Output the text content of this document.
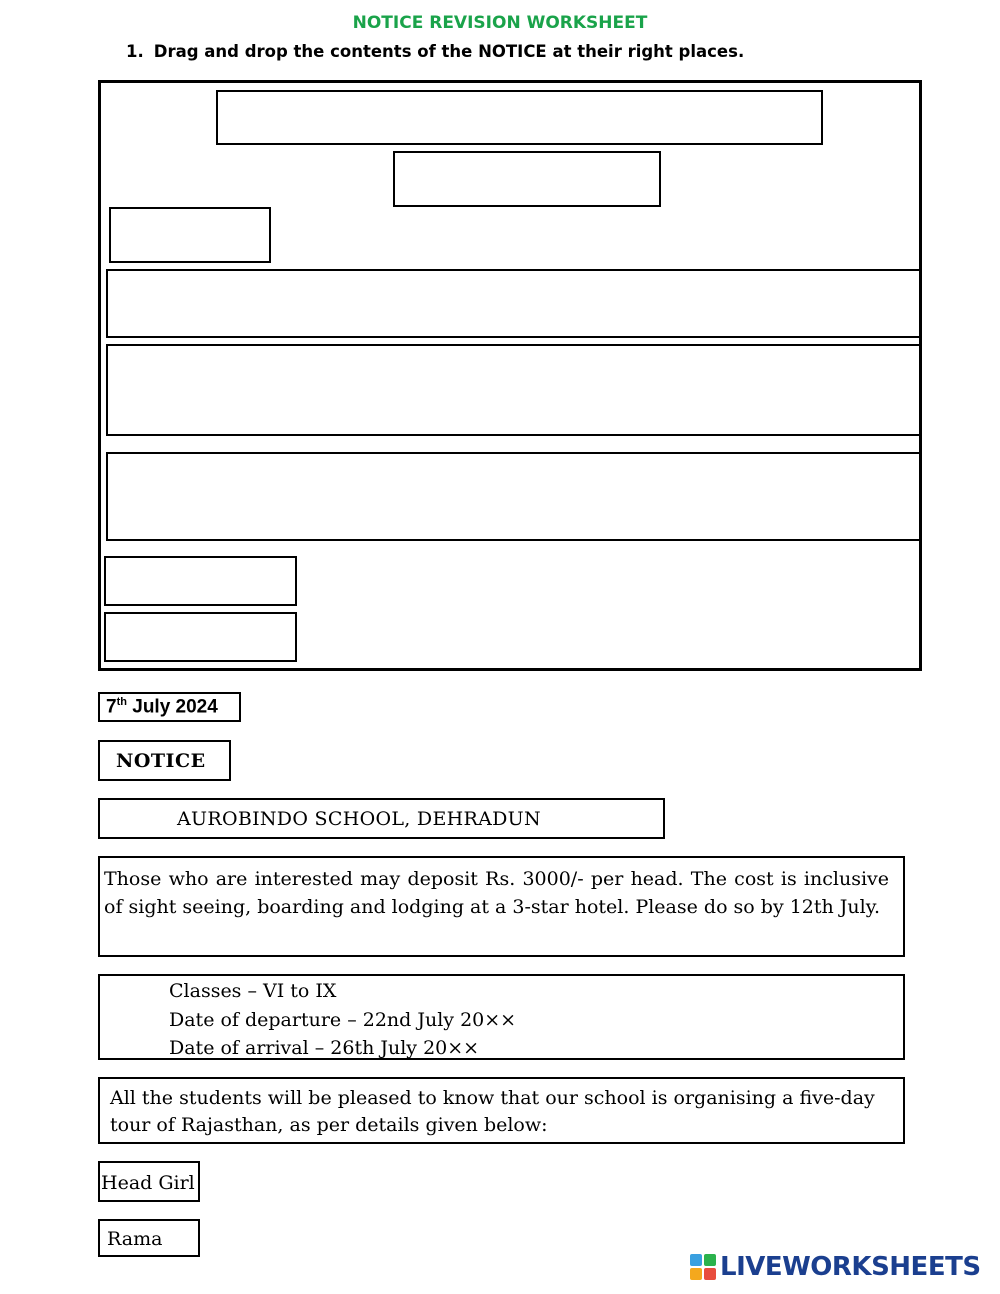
NOTICE REVISION WORKSHEET
1. Drag and drop the contents of the NOTICE at their right places.
7th July 2024
NOTICE
AUROBINDO SCHOOL, DEHRADUN
Those who are interested may deposit Rs. 3000/- per head. The cost is inclusive of sight seeing, boarding and lodging at a 3-star hotel. Please do so by 12th July.
Classes – VI to IX
Date of departure – 22nd July 20××
Date of arrival – 26th July 20××
All the students will be pleased to know that our school is organising a five-day tour of Rajasthan, as per details given below:
Head Girl
Rama
LIVEWORKSHEETS
